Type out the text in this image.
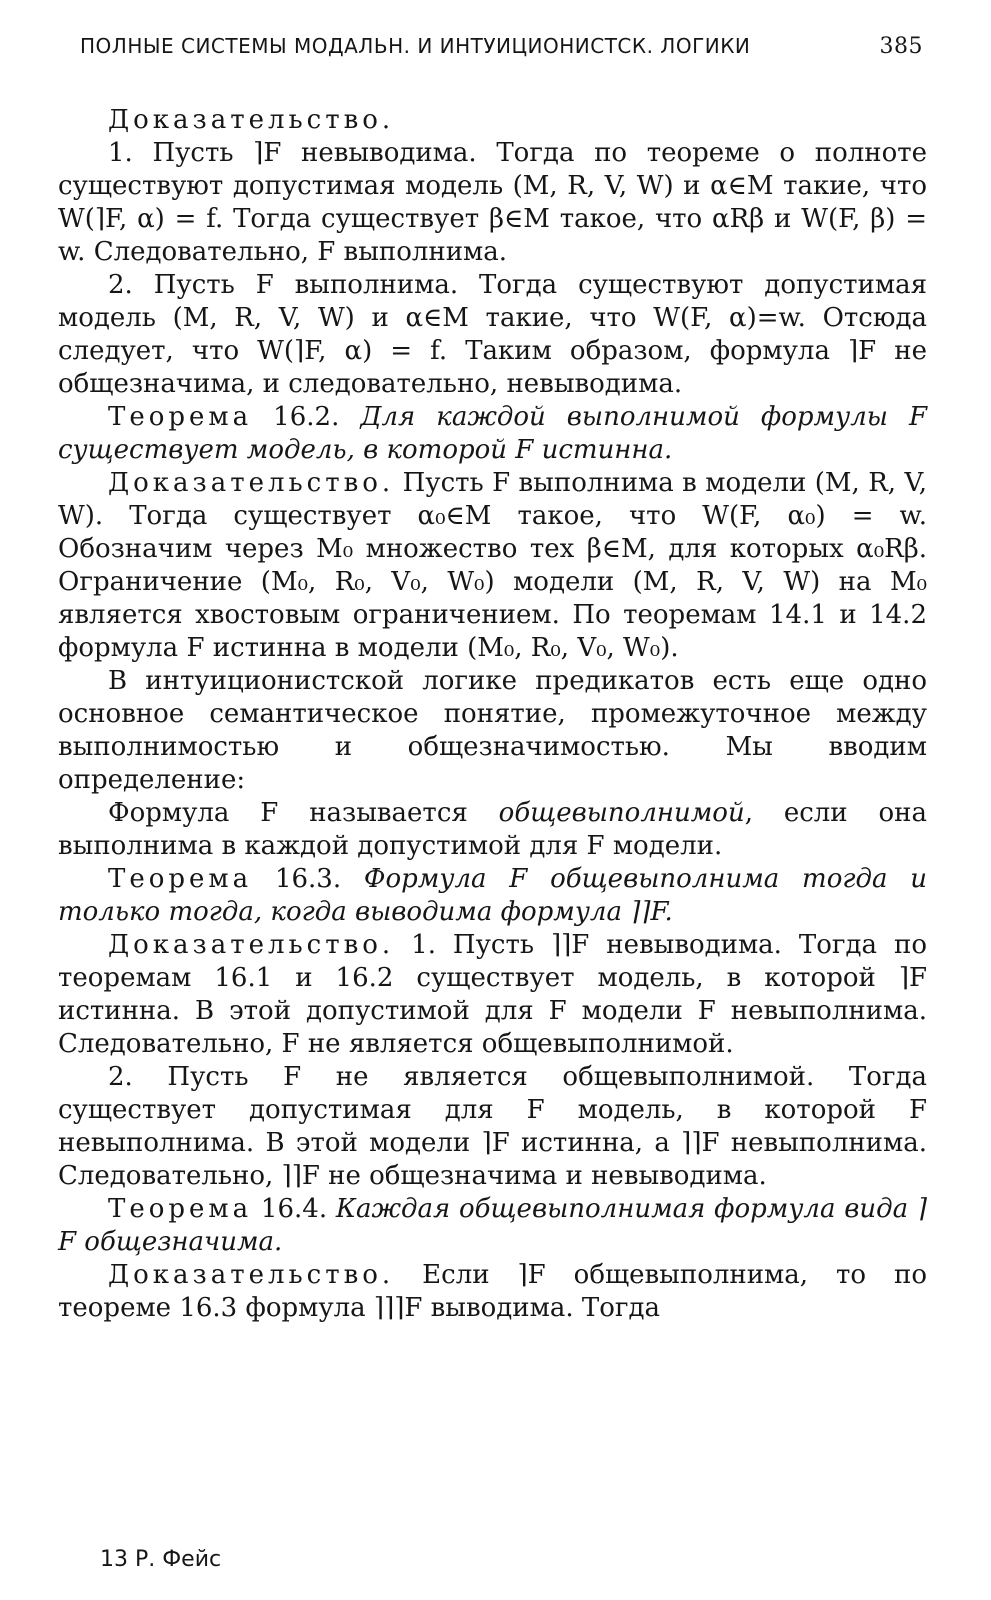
ПОЛНЫЕ СИСТЕМЫ МОДАЛЬН. И ИНТУИЦИОНИСТСК. ЛОГИКИ	385

Доказательство.

1. Пусть ⌉F невыводима. Тогда по теореме о полноте существуют допустимая модель (M, R, V, W) и α∈M такие, что W(⌉F, α) = f. Тогда существует β∈M такое, что αRβ и W(F, β) = w. Следовательно, F выполнима.

2. Пусть F выполнима. Тогда существуют допустимая модель (M, R, V, W) и α∈M такие, что W(F, α)=w. Отсюда следует, что W(⌉F, α) = f. Таким образом, формула ⌉F не общезначима, и следовательно, невыводима.

Теорема 16.2. Для каждой выполнимой формулы F существует модель, в которой F истинна.

Доказательство. Пусть F выполнима в модели (M, R, V, W). Тогда существует α₀∈M такое, что W(F, α₀) = w. Обозначим через M₀ множество тех β∈M, для которых α₀Rβ. Ограничение (M₀, R₀, V₀, W₀) модели (M, R, V, W) на M₀ является хвостовым ограничением. По теоремам 14.1 и 14.2 формула F истинна в модели (M₀, R₀, V₀, W₀).

В интуиционистской логике предикатов есть еще одно основное семантическое понятие, промежуточное между выполнимостью и общезначимостью. Мы вводим определение:

Формула F называется общевыполнимой, если она выполнима в каждой допустимой для F модели.

Теорема 16.3. Формула F общевыполнима тогда и только тогда, когда выводима формула ⌉⌉F.

Доказательство. 1. Пусть ⌉⌉F невыводима. Тогда по теоремам 16.1 и 16.2 существует модель, в которой ⌉F истинна. В этой допустимой для F модели F невыполнима. Следовательно, F не является общевыполнимой.

2. Пусть F не является общевыполнимой. Тогда существует допустимая для F модель, в которой F невыполнима. В этой модели ⌉F истинна, а ⌉⌉F невыполнима. Следовательно, ⌉⌉F не общезначима и невыводима.

Теорема 16.4. Каждая общевыполнимая формула вида ⌉F общезначима.

Доказательство. Если ⌉F общевыполнима, то по теореме 16.3 формула ⌉⌉⌉F выводима. Тогда

13 Р. Фейс
